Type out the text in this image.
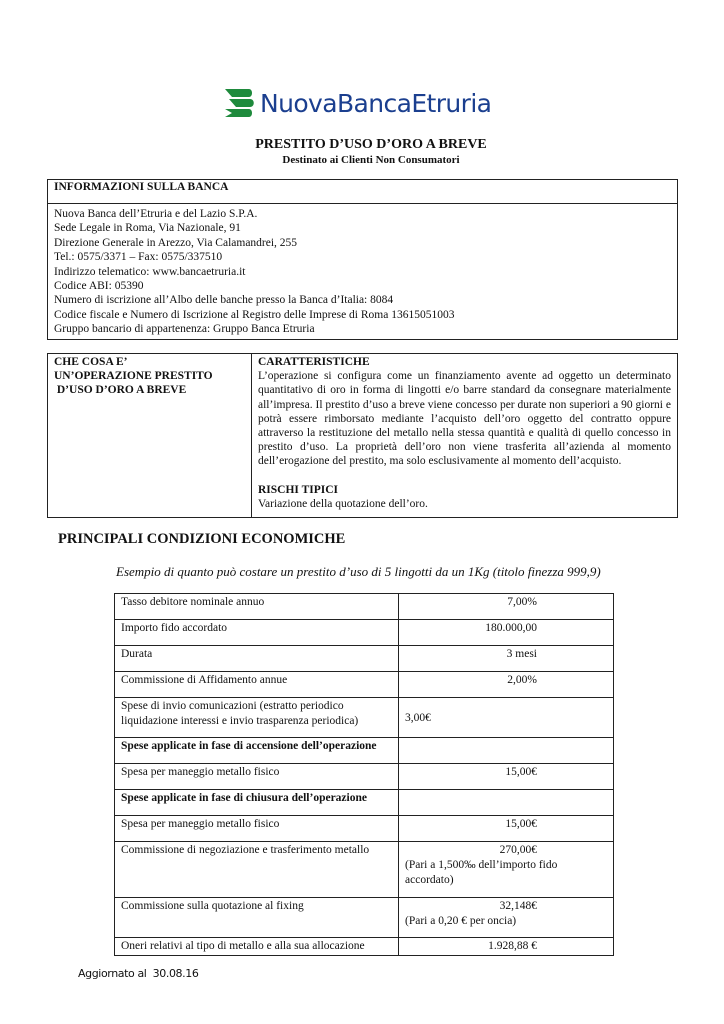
NuovaBancaEtruria
PRESTITO D’USO D’ORO A BREVE
Destinato ai Clienti Non Consumatori
INFORMAZIONI SULLA BANCA
Nuova Banca dell’Etruria e del Lazio S.P.A.
Sede Legale in Roma, Via Nazionale, 91
Direzione Generale in Arezzo, Via Calamandrei, 255
Tel.: 0575/3371 – Fax: 0575/337510
Indirizzo telematico: www.bancaetruria.it
Codice ABI: 05390
Numero di iscrizione all’Albo delle banche presso la Banca d’Italia: 8084
Codice fiscale e Numero di Iscrizione al Registro delle Imprese di Roma 13615051003
Gruppo bancario di appartenenza: Gruppo Banca Etruria
CHE COSA E’
UN’OPERAZIONE PRESTITO
D’USO D’ORO A BREVE
CARATTERISTICHE
L’operazione si configura come un finanziamento avente ad oggetto un determinato quantitativo di oro in forma di lingotti e/o barre standard da consegnare materialmente all’impresa. Il prestito d’uso a breve viene concesso per durate non superiori a 90 giorni e potrà essere rimborsato mediante l’acquisto dell’oro oggetto del contratto oppure attraverso la restituzione del metallo nella stessa quantità e qualità di quello concesso in prestito d’uso. La proprietà dell’oro non viene trasferita all’azienda al momento dell’erogazione del prestito, ma solo esclusivamente al momento dell’acquisto.
RISCHI TIPICI
Variazione della quotazione dell’oro.
PRINCIPALI CONDIZIONI ECONOMICHE
Esempio di quanto può costare un prestito d’uso di 5 lingotti da un 1Kg (titolo finezza 999,9)
Tasso debitore nominale annuo	7,00%
Importo fido accordato	180.000,00
Durata	3 mesi
Commissione di Affidamento annue	2,00%

Spese di invio comunicazioni (estratto periodico
liquidazione interessi e invio trasparenza periodica)	3,00€
Spese applicate in fase di accensione dell’operazione	
Spesa per maneggio metallo fisico	15,00€
Spese applicate in fase di chiusura dell’operazione	
Spesa per maneggio metallo fisico	15,00€
Commissione di negoziazione e trasferimento metallo	270,00€
(Pari a 1,500‰ dell’importo fido
accordato)

Commissione sulla quotazione al fixing	32,148€
(Pari a 0,20 € per oncia)

Oneri relativi al tipo di metallo e alla sua allocazione	1.928,88 €
Aggiornato al  30.08.16
